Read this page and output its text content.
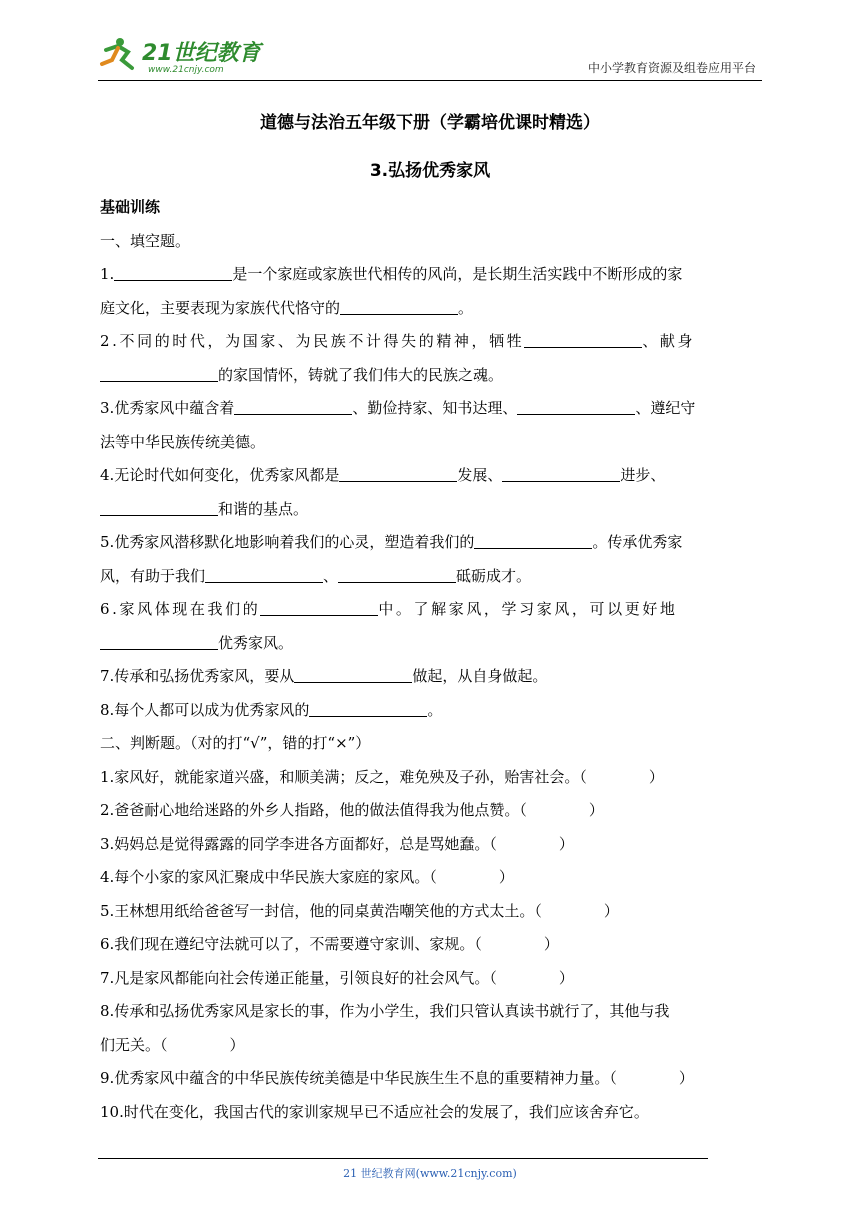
21世纪教育
www.21cnjy.com	中小学教育资源及组卷应用平台
道德与法治五年级下册（学霸培优课时精选）
3.弘扬优秀家风

基础训练

一、填空题。

1.	是一个家庭或家族世代相传的风尚，是长期生活实践中不断形成的家

庭文化，主要表现为家族代代恪守的	。

2.不同的时代，为国家、为民族不计得失的精神，牺牲	、献身

的家国情怀，铸就了我们伟大的民族之魂。

3.优秀家风中蕴含着	、勤俭持家、知书达理、	、遵纪守

法等中华民族传统美德。

4.无论时代如何变化，优秀家风都是	发展、	进步、

和谐的基点。

5.优秀家风潜移默化地影响着我们的心灵，塑造着我们的	。传承优秀家

风，有助于我们	、	砥砺成才。

6.家风体现在我们的	中。了解家风，学习家风，可以更好地

优秀家风。

7.传承和弘扬优秀家风，要从	做起，从自身做起。

8.每个人都可以成为优秀家风的	。

二、判断题。（对的打“√”，错的打“×”）

1.家风好，就能家道兴盛，和顺美满；反之，难免殃及子孙，贻害社会。（	）

2.爸爸耐心地给迷路的外乡人指路，他的做法值得我为他点赞。（	）

3.妈妈总是觉得露露的同学李进各方面都好，总是骂她蠢。（	）

4.每个小家的家风汇聚成中华民族大家庭的家风。（	）

5.王林想用纸给爸爸写一封信，他的同桌黄浩嘲笑他的方式太土。（	）

6.我们现在遵纪守法就可以了，不需要遵守家训、家规。（	）

7.凡是家风都能向社会传递正能量，引领良好的社会风气。（	）

8.传承和弘扬优秀家风是家长的事，作为小学生，我们只管认真读书就行了，其他与我

们无关。（	）

9.优秀家风中蕴含的中华民族传统美德是中华民族生生不息的重要精神力量。（	）

10.时代在变化，我国古代的家训家规早已不适应社会的发展了，我们应该舍弃它。

21 世纪教育网(www.21cnjy.com)
